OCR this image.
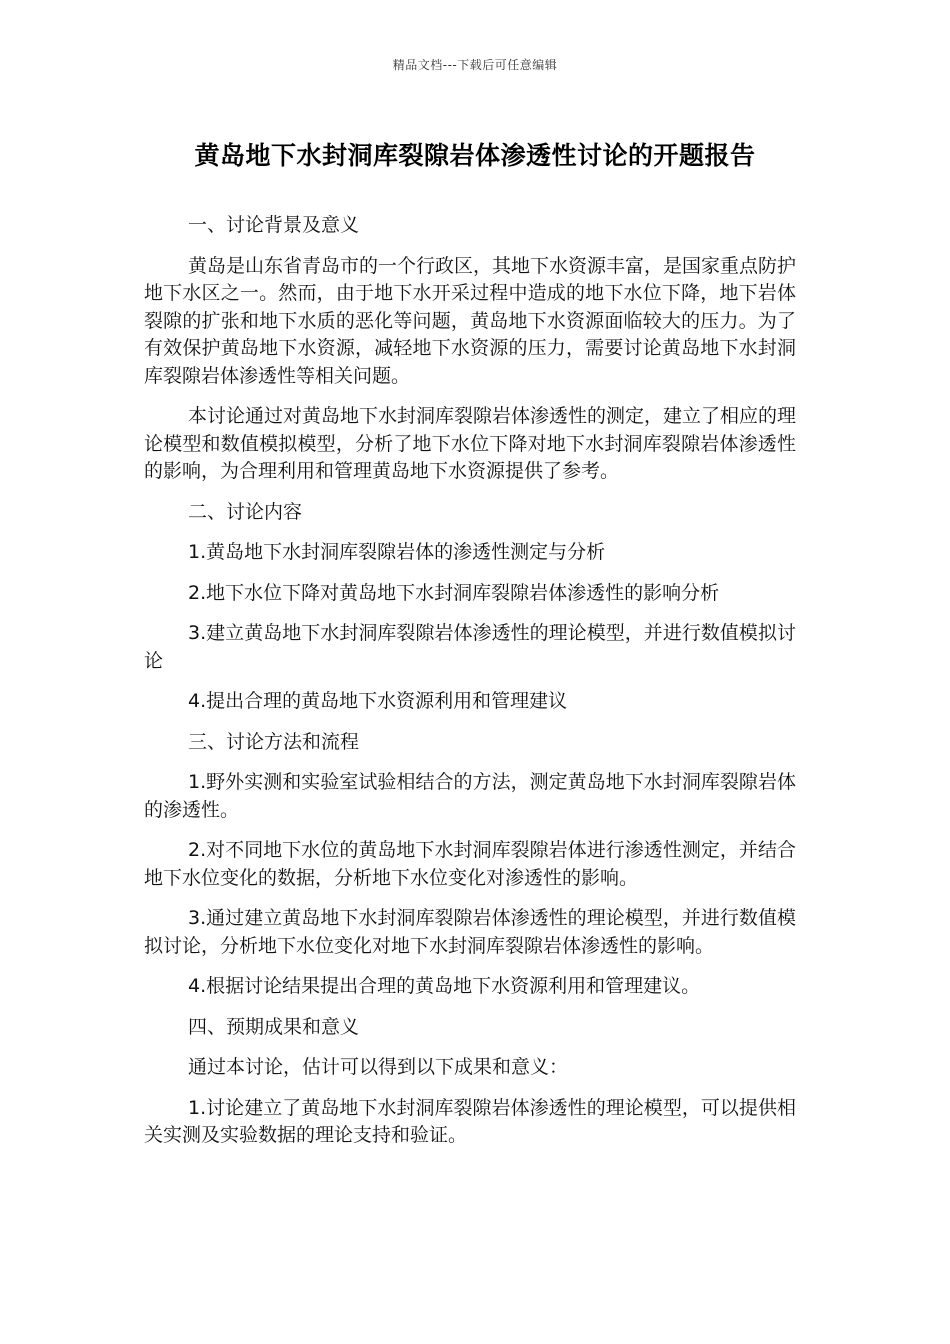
精品文档---下载后可任意编辑
黄岛地下水封洞库裂隙岩体渗透性讨论的开题报告

一、讨论背景及意义

黄岛是山东省青岛市的一个行政区，其地下水资源丰富，是国家重点防护地下水区之一。然而，由于地下水开采过程中造成的地下水位下降，地下岩体裂隙的扩张和地下水质的恶化等问题，黄岛地下水资源面临较大的压力。为了有效保护黄岛地下水资源，减轻地下水资源的压力，需要讨论黄岛地下水封洞库裂隙岩体渗透性等相关问题。

本讨论通过对黄岛地下水封洞库裂隙岩体渗透性的测定，建立了相应的理论模型和数值模拟模型，分析了地下水位下降对地下水封洞库裂隙岩体渗透性的影响，为合理利用和管理黄岛地下水资源提供了参考。

二、讨论内容

1.黄岛地下水封洞库裂隙岩体的渗透性测定与分析

2.地下水位下降对黄岛地下水封洞库裂隙岩体渗透性的影响分析

3.建立黄岛地下水封洞库裂隙岩体渗透性的理论模型，并进行数值模拟讨论

4.提出合理的黄岛地下水资源利用和管理建议

三、讨论方法和流程

1.野外实测和实验室试验相结合的方法，测定黄岛地下水封洞库裂隙岩体的渗透性。

2.对不同地下水位的黄岛地下水封洞库裂隙岩体进行渗透性测定，并结合地下水位变化的数据，分析地下水位变化对渗透性的影响。

3.通过建立黄岛地下水封洞库裂隙岩体渗透性的理论模型，并进行数值模拟讨论，分析地下水位变化对地下水封洞库裂隙岩体渗透性的影响。

4.根据讨论结果提出合理的黄岛地下水资源利用和管理建议。

四、预期成果和意义

通过本讨论，估计可以得到以下成果和意义：

1.讨论建立了黄岛地下水封洞库裂隙岩体渗透性的理论模型，可以提供相关实测及实验数据的理论支持和验证。
